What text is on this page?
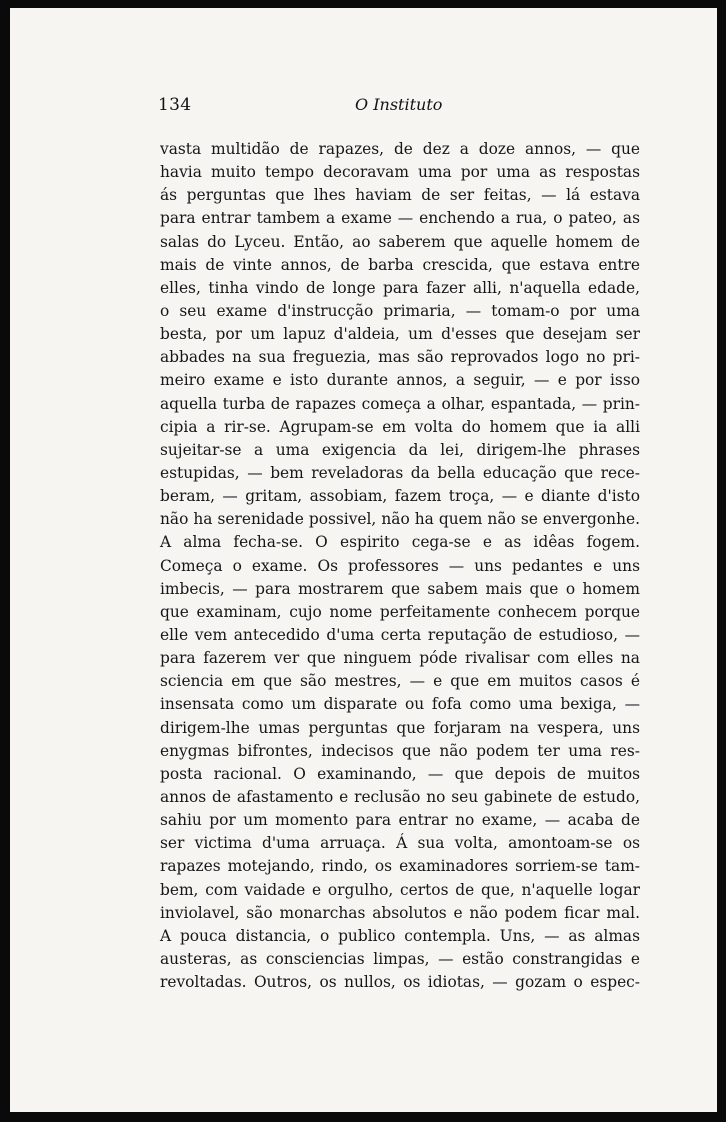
134	O Instituto
vasta multidão de rapazes, de dez a doze annos, — que
havia muito tempo decoravam uma por uma as respostas
ás perguntas que lhes haviam de ser feitas, — lá estava
para entrar tambem a exame — enchendo a rua, o pateo, as
salas do Lyceu. Então, ao saberem que aquelle homem de
mais de vinte annos, de barba crescida, que estava entre
elles, tinha vindo de longe para fazer alli, n'aquella edade,
o seu exame d'instrucção primaria, — tomam-o por uma
besta, por um lapuz d'aldeia, um d'esses que desejam ser
abbades na sua freguezia, mas são reprovados logo no pri-
meiro exame e isto durante annos, a seguir, — e por isso
aquella turba de rapazes começa a olhar, espantada, — prin-
cipia a rir-se. Agrupam-se em volta do homem que ia alli
sujeitar-se a uma exigencia da lei, dirigem-lhe phrases
estupidas, — bem reveladoras da bella educação que rece-
beram, — gritam, assobiam, fazem troça, — e diante d'isto
não ha serenidade possivel, não ha quem não se envergonhe.
A alma fecha-se. O espirito cega-se e as idêas fogem.
Começa o exame. Os professores — uns pedantes e uns
imbecis, — para mostrarem que sabem mais que o homem
que examinam, cujo nome perfeitamente conhecem porque
elle vem antecedido d'uma certa reputação de estudioso, —
para fazerem ver que ninguem póde rivalisar com elles na
sciencia em que são mestres, — e que em muitos casos é
insensata como um disparate ou fofa como uma bexiga, —
dirigem-lhe umas perguntas que forjaram na vespera, uns
enygmas bifrontes, indecisos que não podem ter uma res-
posta racional. O examinando, — que depois de muitos
annos de afastamento e reclusão no seu gabinete de estudo,
sahiu por um momento para entrar no exame, — acaba de
ser victima d'uma arruaça. Á sua volta, amontoam-se os
rapazes motejando, rindo, os examinadores sorriem-se tam-
bem, com vaidade e orgulho, certos de que, n'aquelle logar
inviolavel, são monarchas absolutos e não podem ficar mal.
A pouca distancia, o publico contempla. Uns, — as almas
austeras, as consciencias limpas, — estão constrangidas e
revoltadas. Outros, os nullos, os idiotas, — gozam o espec-
